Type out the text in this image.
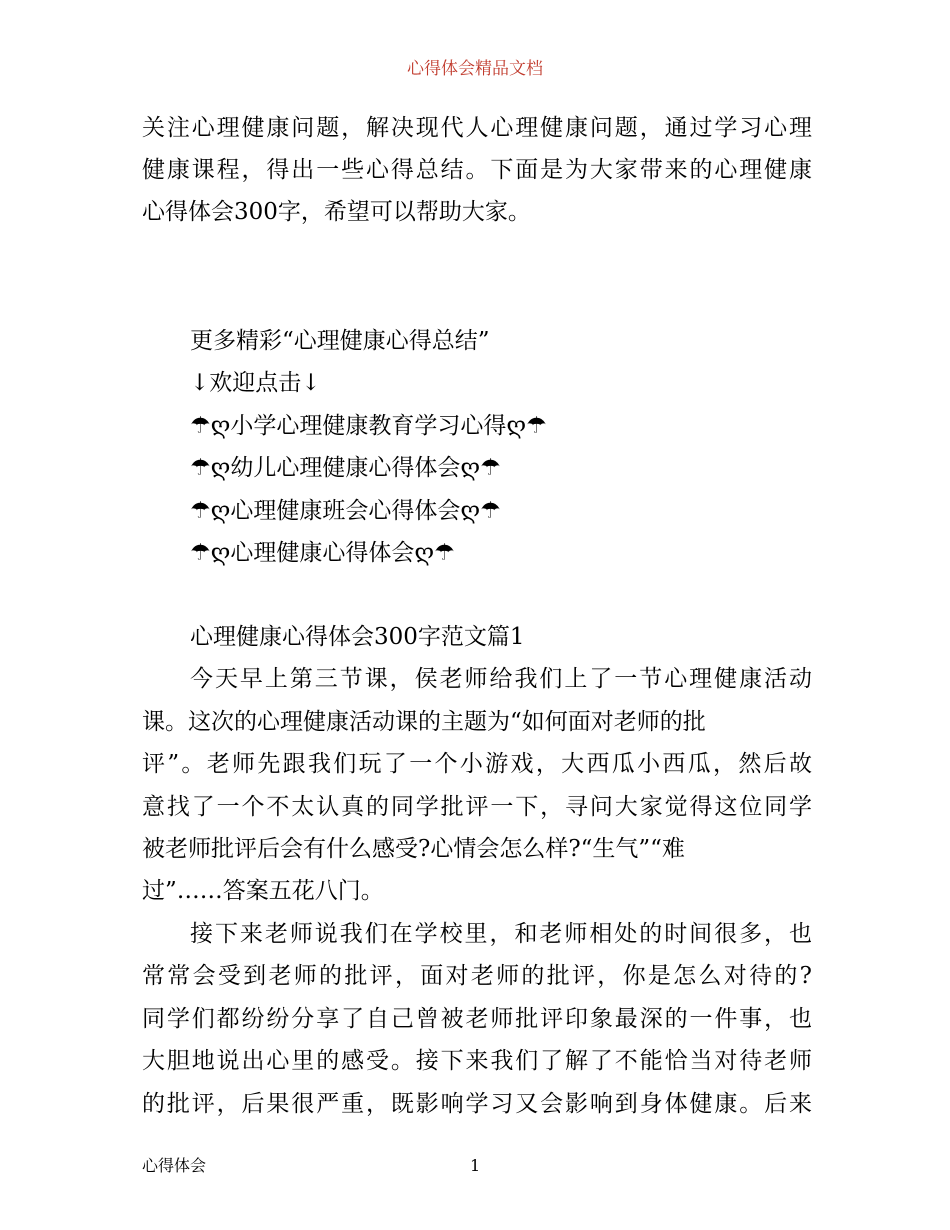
心得体会精品文档
关注心理健康问题，解决现代人心理健康问题，通过学习心理
健康课程，得出一些心得总结。下面是为大家带来的心理健康
心得体会300字，希望可以帮助大家。
更多精彩“心理健康心得总结”
↓欢迎点击↓
☂ღ小学心理健康教育学习心得ღ☂
☂ღ幼儿心理健康心得体会ღ☂
☂ღ心理健康班会心得体会ღ☂
☂ღ心理健康心得体会ღ☂
心理健康心得体会300字范文篇1
今天早上第三节课，侯老师给我们上了一节心理健康活动
课。这次的心理健康活动课的主题为“如何面对老师的批
评”。老师先跟我们玩了一个小游戏，大西瓜小西瓜，然后故
意找了一个不太认真的同学批评一下，寻问大家觉得这位同学
被老师批评后会有什么感受?心情会怎么样?“生气”“难
过”……答案五花八门。
接下来老师说我们在学校里，和老师相处的时间很多，也
常常会受到老师的批评，面对老师的批评，你是怎么对待的?
同学们都纷纷分享了自己曾被老师批评印象最深的一件事，也
大胆地说出心里的感受。接下来我们了解了不能恰当对待老师
的批评，后果很严重，既影响学习又会影响到身体健康。后来
心得体会	1
